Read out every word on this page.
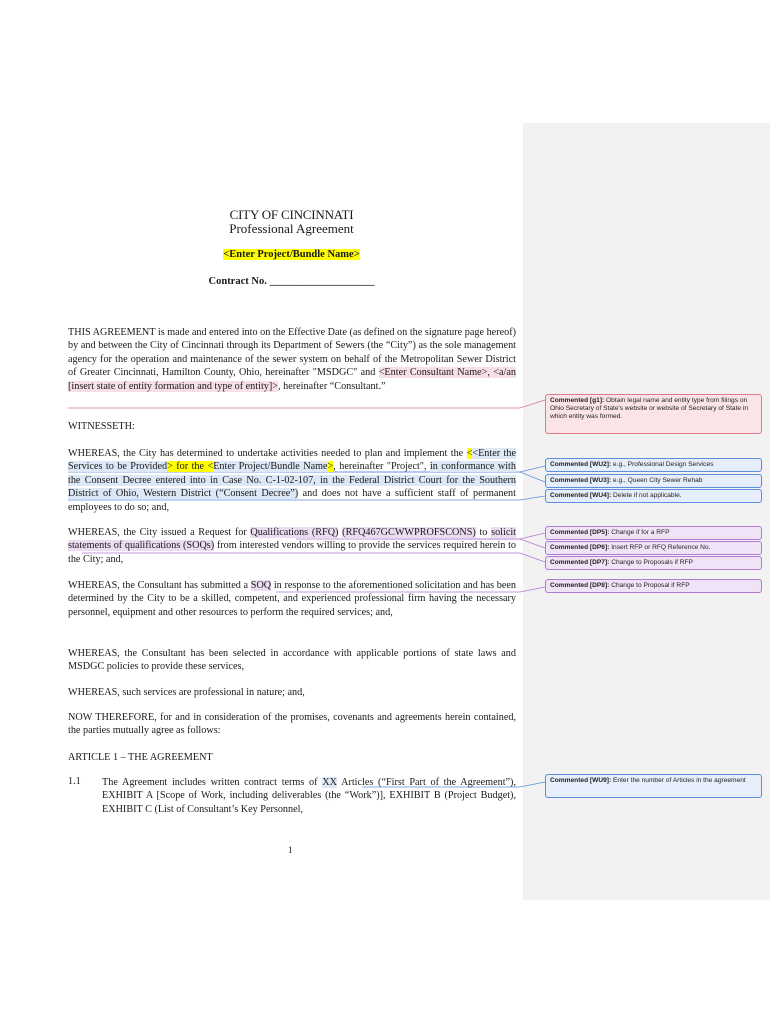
CITY OF CINCINNATI
Professional Agreement
<Enter Project/Bundle Name>
Contract No. ____________________

THIS AGREEMENT is made and entered into on the Effective Date (as defined on the signature page hereof) by and between the City of Cincinnati through its Department of Sewers (the “City”) as the sole management agency for the operation and maintenance of the sewer system on behalf of the Metropolitan Sewer District of Greater Cincinnati, Hamilton County, Ohio, hereinafter "MSDGC" and <Enter Consultant Name>, <a/an [insert state of entity formation and type of entity]>, hereinafter “Consultant.”

WITNESSETH:

WHEREAS, the City has determined to undertake activities needed to plan and implement the <<Enter the Services to be Provided> for the <Enter Project/Bundle Name>, hereinafter "Project", in conformance with the Consent Decree entered into in Case No. C-1-02-107, in the Federal District Court for the Southern District of Ohio, Western District (“Consent Decree”) and does not have a sufficient staff of permanent employees to do so; and,

WHEREAS, the City issued a Request for Qualifications (RFQ) (RFQ467GCWWPROFSCONS) to solicit statements of qualifications (SOQs) from interested vendors willing to provide the services required herein to the City; and,

WHEREAS, the Consultant has submitted a SOQ in response to the aforementioned solicitation and has been determined by the City to be a skilled, competent, and experienced professional firm having the necessary personnel, equipment and other resources to perform the required services; and,

WHEREAS, the Consultant has been selected in accordance with applicable portions of state laws and MSDGC policies to provide these services,

WHEREAS, such services are professional in nature; and,

NOW THEREFORE, for and in consideration of the promises, covenants and agreements herein contained, the parties mutually agree as follows:

ARTICLE 1 – THE AGREEMENT

1.1 The Agreement includes written contract terms of XX Articles (“First Part of the Agreement”), EXHIBIT A [Scope of Work, including deliverables (the “Work”)], EXHIBIT B (Project Budget), EXHIBIT C (List of Consultant’s Key Personnel,

1
Commented [g1]: Obtain legal name and entity type from filings on Ohio Secretary of State's website or website of Secretary of State in which entity was formed.
Commented [WU2]: e.g., Professional Design Services
Commented [WU3]: e.g., Queen City Sewer Rehab
Commented [WU4]: Delete if not applicable.
Commented [DP5]: Change if for a RFP
Commented [DP6]: Insert RFP or RFQ Reference No.
Commented [DP7]: Change to Proposals if RFP
Commented [DP8]: Change to Proposal if RFP
Commented [WU9]: Enter the number of Articles in the agreement
